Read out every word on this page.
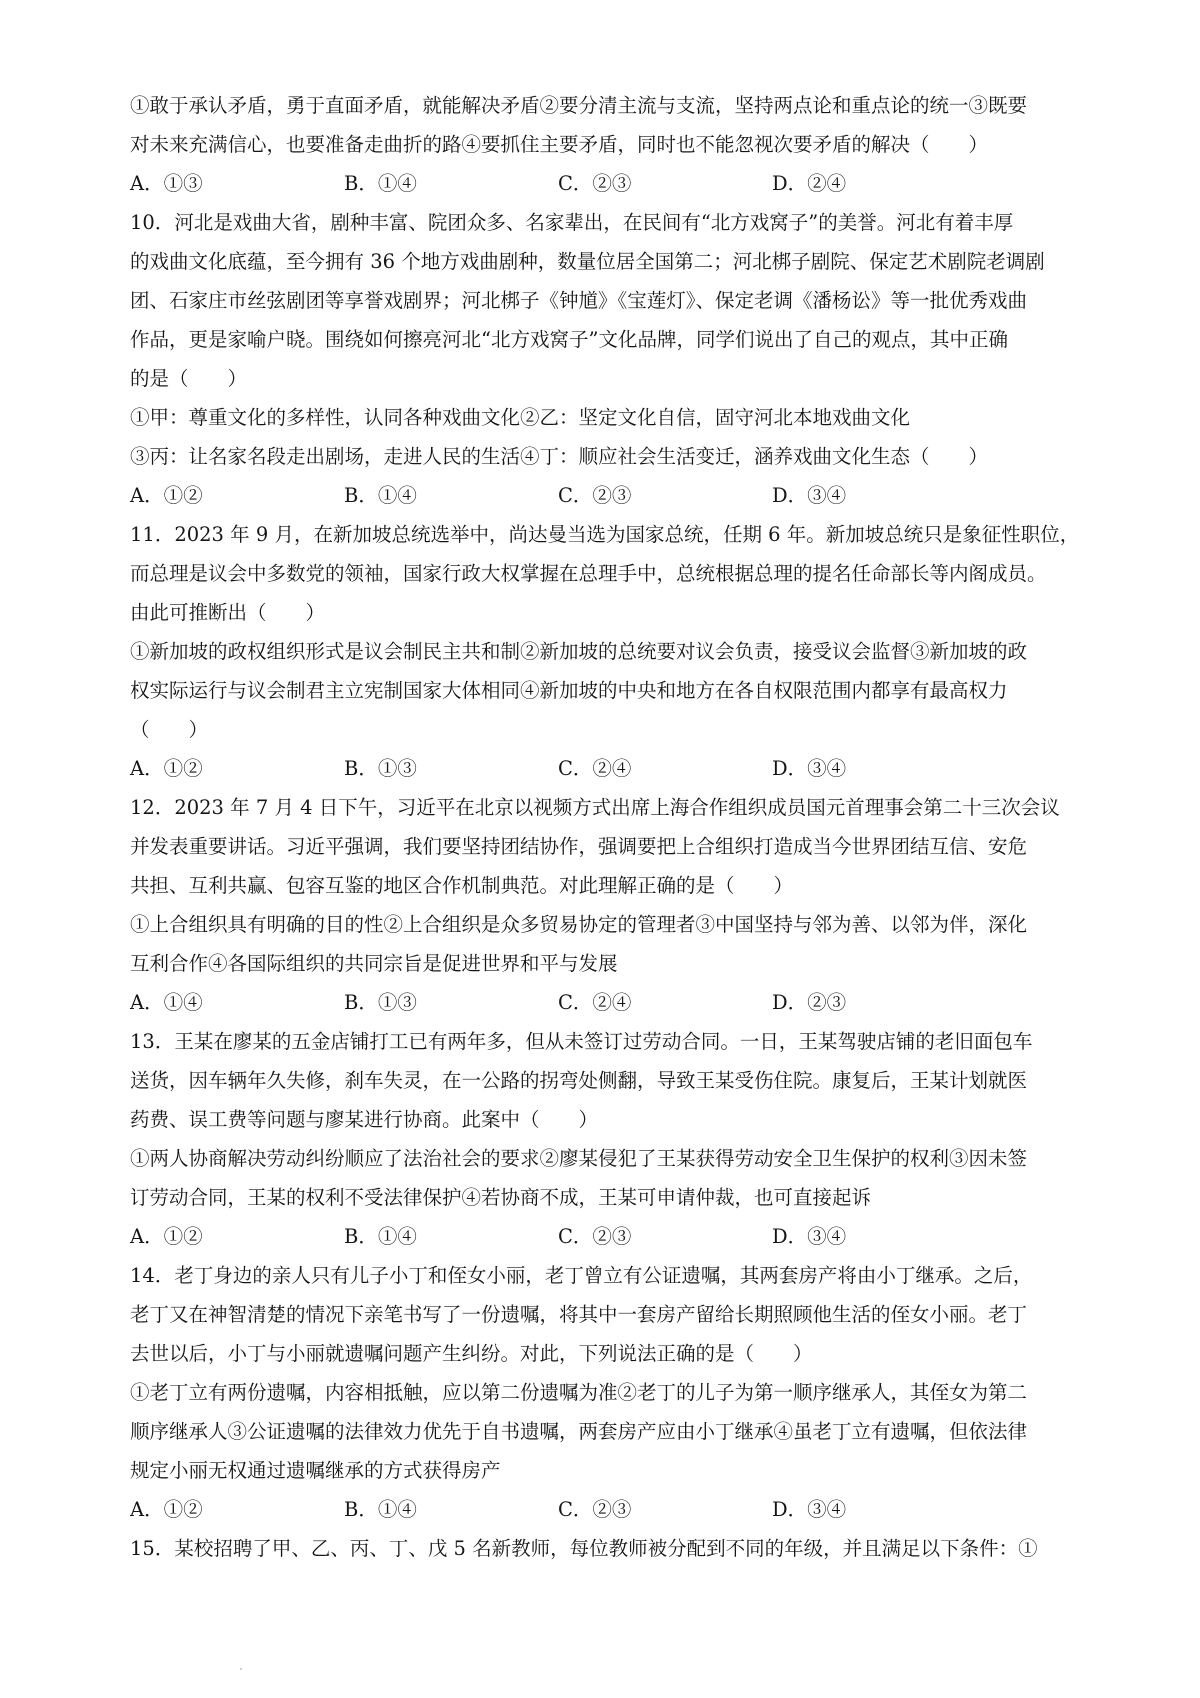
①敢于承认矛盾，勇于直面矛盾，就能解决矛盾②要分清主流与支流，坚持两点论和重点论的统一③既要
对未来充满信心，也要准备走曲折的路④要抓住主要矛盾，同时也不能忽视次要矛盾的解决（　　）
A．①③	B．①④	C．②③	D．②④
10．河北是戏曲大省，剧种丰富、院团众多、名家辈出，在民间有“北方戏窝子”的美誉。河北有着丰厚
的戏曲文化底蕴，至今拥有 36 个地方戏曲剧种，数量位居全国第二；河北梆子剧院、保定艺术剧院老调剧
团、石家庄市丝弦剧团等享誉戏剧界；河北梆子《钟馗》《宝莲灯》、保定老调《潘杨讼》等一批优秀戏曲
作品，更是家喻户晓。围绕如何擦亮河北“北方戏窝子”文化品牌，同学们说出了自己的观点，其中正确
的是（　　）
①甲：尊重文化的多样性，认同各种戏曲文化②乙：坚定文化自信，固守河北本地戏曲文化
③丙：让名家名段走出剧场，走进人民的生活④丁：顺应社会生活变迁，涵养戏曲文化生态（　　）
A．①②	B．①④	C．②③	D．③④
11．2023 年 9 月，在新加坡总统选举中，尚达曼当选为国家总统，任期 6 年。新加坡总统只是象征性职位，
而总理是议会中多数党的领袖，国家行政大权掌握在总理手中，总统根据总理的提名任命部长等内阁成员。
由此可推断出（　　）
①新加坡的政权组织形式是议会制民主共和制②新加坡的总统要对议会负责，接受议会监督③新加坡的政
权实际运行与议会制君主立宪制国家大体相同④新加坡的中央和地方在各自权限范围内都享有最高权力
（　　）
A．①②	B．①③	C．②④	D．③④
12．2023 年 7 月 4 日下午，习近平在北京以视频方式出席上海合作组织成员国元首理事会第二十三次会议
并发表重要讲话。习近平强调，我们要坚持团结协作，强调要把上合组织打造成当今世界团结互信、安危
共担、互利共赢、包容互鉴的地区合作机制典范。对此理解正确的是（　　）
①上合组织具有明确的目的性②上合组织是众多贸易协定的管理者③中国坚持与邻为善、以邻为伴，深化
互利合作④各国际组织的共同宗旨是促进世界和平与发展
A．①④	B．①③	C．②④	D．②③
13．王某在廖某的五金店铺打工已有两年多，但从未签订过劳动合同。一日，王某驾驶店铺的老旧面包车
送货，因车辆年久失修，刹车失灵，在一公路的拐弯处侧翻，导致王某受伤住院。康复后，王某计划就医
药费、误工费等问题与廖某进行协商。此案中（　　）
①两人协商解决劳动纠纷顺应了法治社会的要求②廖某侵犯了王某获得劳动安全卫生保护的权利③因未签
订劳动合同，王某的权利不受法律保护④若协商不成，王某可申请仲裁，也可直接起诉
A．①②	B．①④	C．②③	D．③④
14．老丁身边的亲人只有儿子小丁和侄女小丽，老丁曾立有公证遗嘱，其两套房产将由小丁继承。之后，
老丁又在神智清楚的情况下亲笔书写了一份遗嘱，将其中一套房产留给长期照顾他生活的侄女小丽。老丁
去世以后，小丁与小丽就遗嘱问题产生纠纷。对此，下列说法正确的是（　　）
①老丁立有两份遗嘱，内容相抵触，应以第二份遗嘱为准②老丁的儿子为第一顺序继承人，其侄女为第二
顺序继承人③公证遗嘱的法律效力优先于自书遗嘱，两套房产应由小丁继承④虽老丁立有遗嘱，但依法律
规定小丽无权通过遗嘱继承的方式获得房产
A．①②	B．①④	C．②③	D．③④
15．某校招聘了甲、乙、丙、丁、戊 5 名新教师，每位教师被分配到不同的年级，并且满足以下条件：①
